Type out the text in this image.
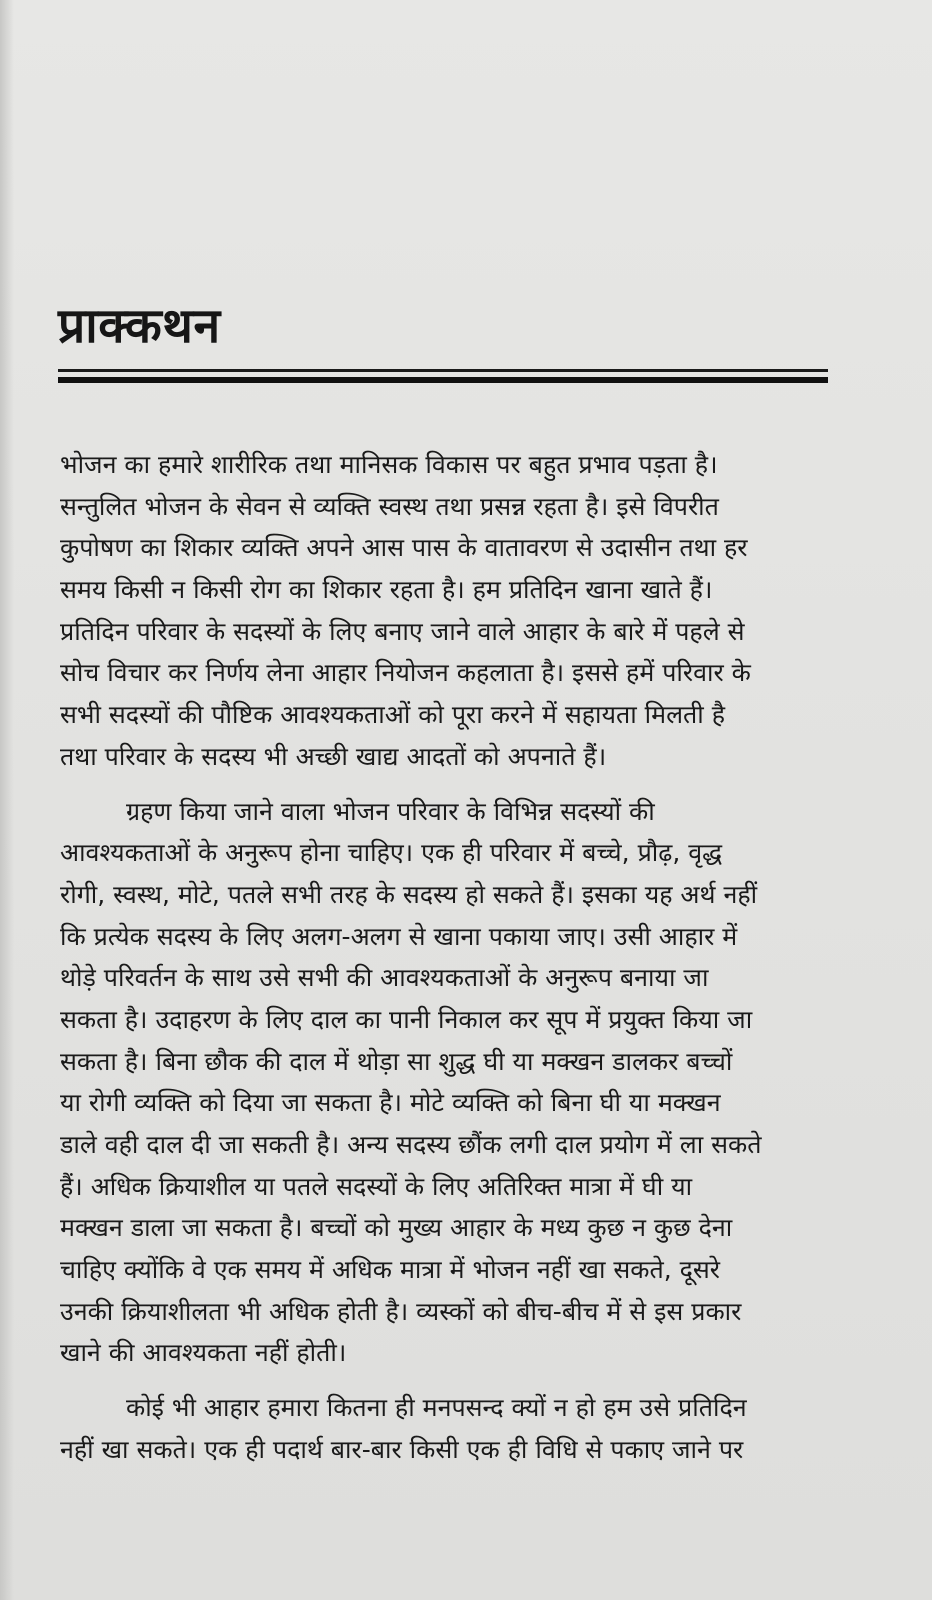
प्राक्कथन
भोजन का हमारे शारीरिक तथा मानिसक विकास पर बहुत प्रभाव पड़ता है।
सन्तुलित भोजन के सेवन से व्यक्ति स्वस्थ तथा प्रसन्न रहता है। इसे विपरीत
कुपोषण का शिकार व्यक्ति अपने आस पास के वातावरण से उदासीन तथा हर
समय किसी न किसी रोग का शिकार रहता है। हम प्रतिदिन खाना खाते हैं।
प्रतिदिन परिवार के सदस्यों के लिए बनाए जाने वाले आहार के बारे में पहले से
सोच विचार कर निर्णय लेना आहार नियोजन कहलाता है। इससे हमें परिवार के
सभी सदस्यों की पौष्टिक आवश्यकताओं को पूरा करने में सहायता मिलती है
तथा परिवार के सदस्य भी अच्छी खाद्य आदतों को अपनाते हैं।
ग्रहण किया जाने वाला भोजन परिवार के विभिन्न सदस्यों की
आवश्यकताओं के अनुरूप होना चाहिए। एक ही परिवार में बच्चे, प्रौढ़, वृद्ध
रोगी, स्वस्थ, मोटे, पतले सभी तरह के सदस्य हो सकते हैं। इसका यह अर्थ नहीं
कि प्रत्येक सदस्य के लिए अलग-अलग से खाना पकाया जाए। उसी आहार में
थोड़े परिवर्तन के साथ उसे सभी की आवश्यकताओं के अनुरूप बनाया जा
सकता है। उदाहरण के लिए दाल का पानी निकाल कर सूप में प्रयुक्त किया जा
सकता है। बिना छौक की दाल में थोड़ा सा शुद्ध घी या मक्खन डालकर बच्चों
या रोगी व्यक्ति को दिया जा सकता है। मोटे व्यक्ति को बिना घी या मक्खन
डाले वही दाल दी जा सकती है। अन्य सदस्य छौंक लगी दाल प्रयोग में ला सकते
हैं। अधिक क्रियाशील या पतले सदस्यों के लिए अतिरिक्त मात्रा में घी या
मक्खन डाला जा सकता है। बच्चों को मुख्य आहार के मध्य कुछ न कुछ देना
चाहिए क्योंकि वे एक समय में अधिक मात्रा में भोजन नहीं खा सकते, दूसरे
उनकी क्रियाशीलता भी अधिक होती है। व्यस्कों को बीच-बीच में से इस प्रकार
खाने की आवश्यकता नहीं होती।
कोई भी आहार हमारा कितना ही मनपसन्द क्यों न हो हम उसे प्रतिदिन
नहीं खा सकते। एक ही पदार्थ बार-बार किसी एक ही विधि से पकाए जाने पर
